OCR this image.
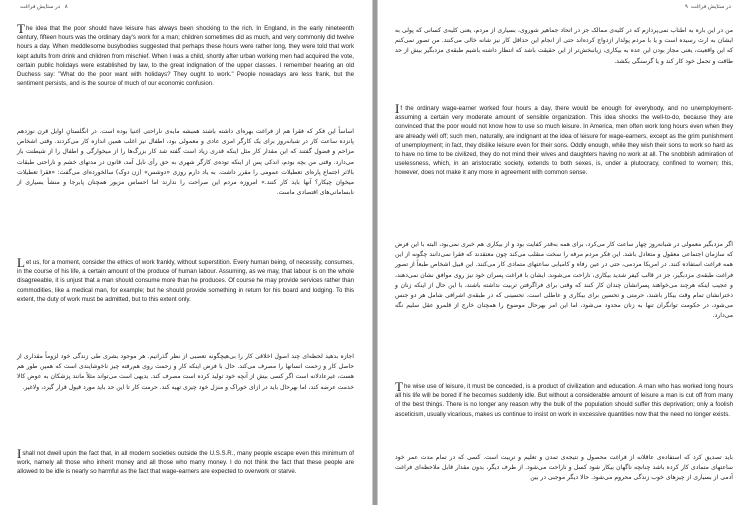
۸   در ستایش فراغت
The idea that the poor should have leisure has always been shocking to the rich. In England, in the early nineteenth century, fifteen hours was the ordinary day's work for a man; children sometimes did as much, and very commonly did twelve hours a day. When meddlesome busybodies suggested that perhaps these hours were rather long, they were told that work kept adults from drink and children from mischief. When I was a child, shortly after urban working men had acquired the vote, certain public holidays were established by law, to the great indignation of the upper classes. I remember hearing an old Duchess say: "What do the poor want with holidays? They ought to work." People nowadays are less frank, but the sentiment persists, and is the source of much of our economic confusion.
اساساً این فکر که فقرا هم از فراغت بهره‌ای داشته باشند همیشه مایه‌ی ناراحتی اغنیا بوده است. در انگلستانِ اوایل قرن نوزدهم پانزده ساعت کار در شبانه‌روز برای یک کارگر امری عادی و معمولی بود، اطفال نیز اغلب همین اندازه کار می‌کردند. وقتی اشخاص مزاحم و فضول گفتند که این مقدار کار مثل اینکه قدری زیاد است گفته شد کار بزرگ‌ها را از میخوارگی و اطفال را از شیطنت باز می‌دارد. وقتی من بچه بودم، اندکی پس از اینکه توده‌ی کارگر شهری به حق رأی نایل آمد، قانون در مدتهای خشم و ناراحتی طبقات بالاتر اجتماع پاره‌ای تعطیلات عمومی را مقرر داشت. به یاد دارم روزی «دوشس» (زن دوک) سالخورده‌ای می‌گفت: «فقرا تعطیلات میخوان چیکار؟ آنها باید کار کنند.» امروزه مردم این صراحت را ندارند اما احساس مزبور همچنان پابرجا و منشأ بسیاری از نابسامانی‌های اقتصادی ماست.
Let us, for a moment, consider the ethics of work frankly, without superstition. Every human being, of necessity, consumes, in the course of his life, a certain amount of the produce of human labour. Assuming, as we may, that labour is on the whole disagreeable, it is unjust that a man should consume more than he produces. Of course he may provide services rather than commodities, like a medical man, for example; but he should provide something in return for his board and lodging. To this extent, the duty of work must be admitted, but to this extent only.
اجازه بدهید لحظه‌ای چند اصول اخلاقی کار را بی‌هیچگونه تعصبی از نظر گذرانیم. هر موجود بشری طی زندگی خود لزوماً مقداری از حاصل کار و زحمت انسانها را مصرف می‌کند. حال با فرض اینکه کار و زحمت روی هم‌رفته چیز ناخوشایندی است که همین طور هم هست، غیرعادلانه است اگر کسی بیش از آنچه خود تولید کرده است مصرف کند. بدیهی است می‌تواند مثلاً مانند پزشکان به عوض کالا خدمت عرضه کند، اما بهرحال باید در ازای خوراک و منزل خود چیزی تهیه کند. حرمت کار تا این حد باید مورد قبول قرار گیرد، ولاغیر.
I shall not dwell upon the fact that, in all modern societies outside the U.S.S.R., many people escape even this minimum of work, namely all those who inherit money and all those who marry money. I do not think the fact that these people are allowed to be idle is nearly so harmful as the fact that wage-earners are expected to overwork or starve.
در ستایش فراغت  ۹
من در این باره به اطناب نمی‌پردازم که در کلیه‌ی ممالک جز در اتحاد جماهیر شوروی، بسیاری از مردم، یعنی کلیه‌ی کسانی که پولی به ایشان به ارث رسیده است و یا با مردم پولدار ازدواج کرده‌اند حتی از انجام این حداقل کار نیز شانه خالی می‌کنند. من تصور نمی‌کنم که این واقعیت، یعنی مجاز بودن این عده به بیکاری، زیانبخش‌تر از این حقیقت باشد که انتظار داشته باشیم طبقه‌ی مزدبگیر بیش از حد طاقت و تحمل خود کار کند و یا گرسنگی بکشد.
If the ordinary wage-earner worked four hours a day, there would be enough for everybody, and no unemployment-assuming a certain very moderate amount of sensible organization. This idea shocks the well-to-do, because they are convinced that the poor would not know how to use so much leisure. In America, men often work long hours even when they are already well off; such men, naturally, are indignant at the idea of leisure for wage-earners, except as the grim punishment of unemployment; in fact, they dislike leisure even for their sons. Oddly enough, while they wish their sons to work so hard as to have no time to be civilized, they do not mind their wives and daughters having no work at all. The snobbish admiration of uselessness, which, in an aristocratic society, extends to both sexes, is, under a plutocracy, confined to women; this, however, does not make it any more in agreement with common sense.
اگر مزدبگیر معمولی در شبانه‌روز چهار ساعت کار می‌کرد، برای همه به‌قدر کفایت بود و از بیکاری هم خبری نمی‌بود، البته با این فرض که سازمان اجتماعی معقول و متعادل باشد. این فکر مردم مرفه را سخت منقلب می‌کند چون معتقدند که فقرا نمی‌دانند چگونه از این همه فراغت استفاده کنند. در امریکا مردمی، حتی در عین رفاه و کامیابی ساعتهای متمادی کار می‌کنند. این قبیل اشخاص طبعاً از تصور فراغت طبقه‌ی مزدبگیر، جز در قالب کیفر شدید بیکاری، ناراحت می‌شوند. ایشان با فراغت پسران خود نیز روی موافق نشان نمی‌دهند، و عجیب اینکه هرچند می‌خواهند پسرانشان چندان کار کنند که وقتی برای فراگرفتن تربیت نداشته باشند، با این حال از اینکه زنان و دخترانشان تمام وقت بیکار باشند، حرمتی و تحسین برای بیکاری و عاطلی است. تحسینی که در طبقه‌ی اشرافی شامل هر دو جنس می‌شود، در حکومت توانگران تنها به زنان محدود می‌شود، اما این امر بهرحال موضوع را همچنان خارج از قلمرو عقل سلیم نگه می‌دارد.
The wise use of leisure, it must be conceded, is a product of civilization and education. A man who has worked long hours all his life will be bored if he becomes suddenly idle. But without a considerable amount of leisure a man is cut off from many of the best things. There is no longer any reason why the bulk of the population should suffer this deprivation; only a foolish asceticism, usually vicarious, makes us continue to insist on work in excessive quantities now that the need no longer exists.
باید تصدیق کرد که استفاده‌ی عاقلانه از فراغت محصول و نتیجه‌ی تمدن و تعلیم و تربیت است. کسی که در تمام مدت عمر خود ساعتهای متمادی کار کرده باشد چنانچه ناگهان بیکار شود کسل و ناراحت می‌شود. از طرف دیگر، بدون مقدار قابل ملاحظه‌ای فراغت آدمی از بسیاری از چیزهای خوب زندگی محروم می‌شود. حالا دیگر موجبی در بین
